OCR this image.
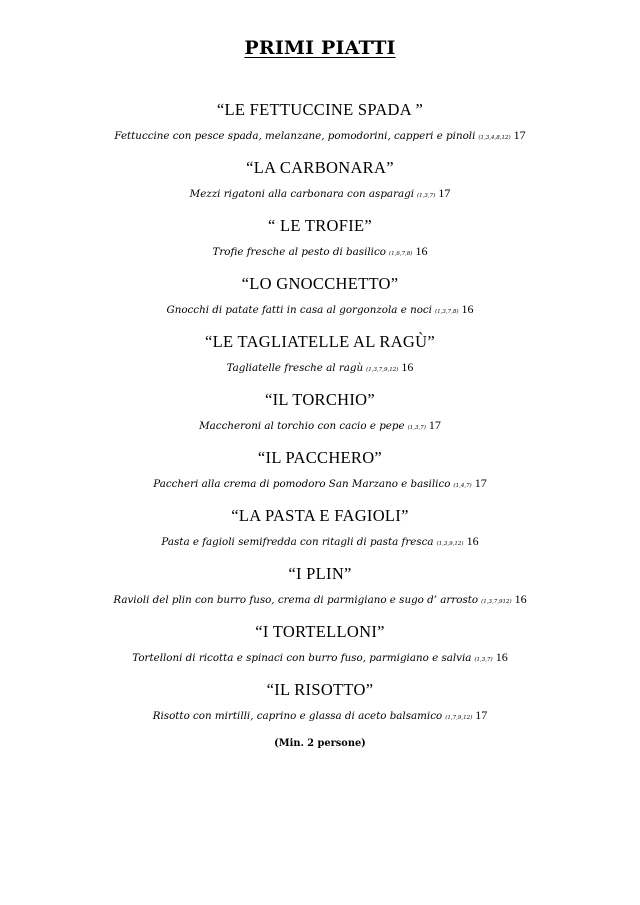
PRIMI PIATTI
“LE FETTUCCINE SPADA ”
Fettuccine con pesce spada, melanzane, pomodorini, capperi e pinoli (1,3,4,8,12) 17
“LA CARBONARA”
Mezzi rigatoni alla carbonara con asparagi (1,3,7) 17
“ LE TROFIE”
Trofie fresche al pesto di basilico (1,6,7,8) 16
“LO GNOCCHETTO”
Gnocchi di patate fatti in casa al gorgonzola e noci (1,3,7,8) 16
“LE TAGLIATELLE AL RAGÙ”
Tagliatelle fresche al ragù (1,3,7,9,12) 16
“IL TORCHIO”
Maccheroni al torchio con cacio e pepe (1,3,7) 17
“IL PACCHERO”
Paccheri alla crema di pomodoro San Marzano e basilico (1,4,7) 17
“LA PASTA E FAGIOLI”
Pasta e fagioli semifredda con ritagli di pasta fresca (1,3,9,12) 16
“I PLIN”
Ravioli del plin con burro fuso, crema di parmigiano e sugo d’ arrosto (1,3,7,912) 16
“I TORTELLONI”
Tortelloni di ricotta e spinaci con burro fuso, parmigiano e salvia (1,3,7) 16
“IL RISOTTO”
Risotto con mirtilli, caprino e glassa di aceto balsamico (1,7,9,12) 17
(Min. 2 persone)
